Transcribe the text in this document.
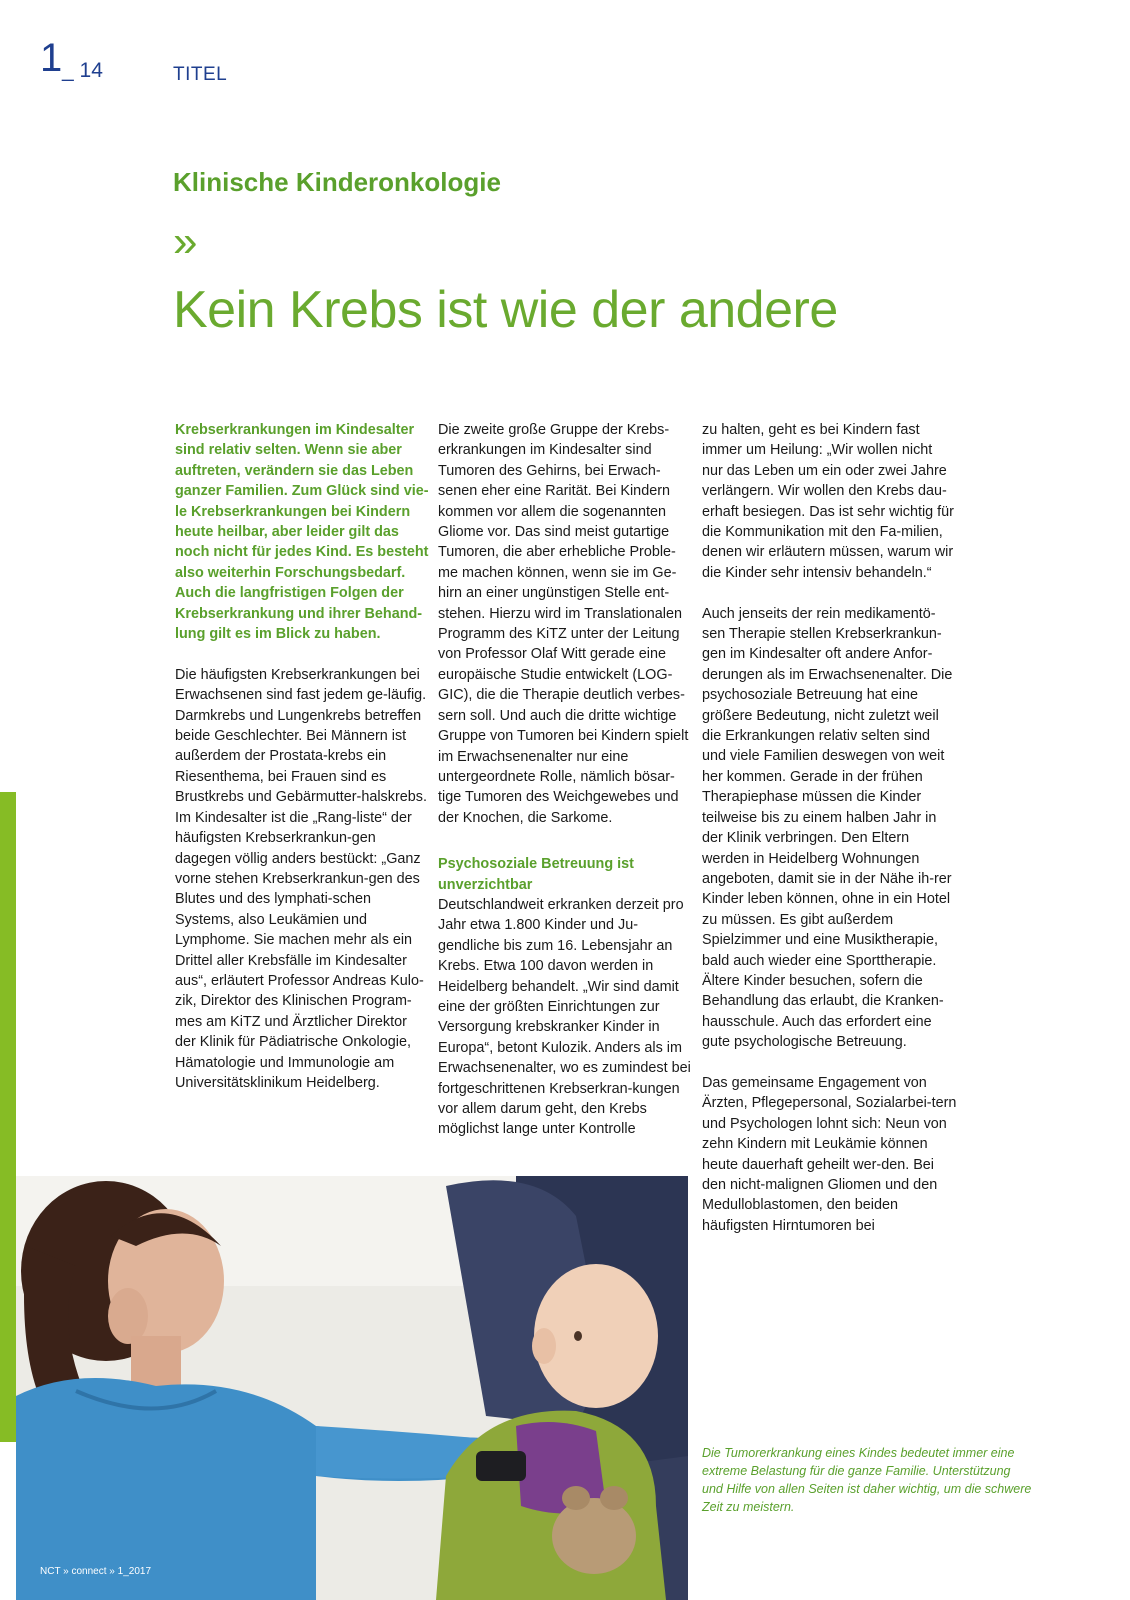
1 _ 14	TITEL
Klinische Kinderonkologie
»
Kein Krebs ist wie der andere

Krebserkrankungen im Kindesalter sind relativ selten. Wenn sie aber auftreten, verändern sie das Leben ganzer Familien. Zum Glück sind vie-le Krebserkrankungen bei Kindern heute heilbar, aber leider gilt das noch nicht für jedes Kind. Es besteht also weiterhin Forschungsbedarf. Auch die langfristigen Folgen der Krebserkrankung und ihrer Behand-lung gilt es im Blick zu haben.

Die häufigsten Krebserkrankungen bei Erwachsenen sind fast jedem ge-läufig. Darmkrebs und Lungenkrebs betreffen beide Geschlechter. Bei Männern ist außerdem der Prostata-krebs ein Riesenthema, bei Frauen sind es Brustkrebs und Gebärmutter-halskrebs. Im Kindesalter ist die „Rang-liste“ der häufigsten Krebserkrankun-gen dagegen völlig anders bestückt: „Ganz vorne stehen Krebserkrankun-gen des Blutes und des lymphati-schen Systems, also Leukämien und Lymphome. Sie machen mehr als ein Drittel aller Krebsfälle im Kindesalter aus“, erläutert Professor Andreas Kulo-zik, Direktor des Klinischen Program-mes am KiTZ und Ärztlicher Direktor der Klinik für Pädiatrische Onkologie, Hämatologie und Immunologie am Universitätsklinikum Heidelberg.

Die zweite große Gruppe der Krebs-erkrankungen im Kindesalter sind Tumoren des Gehirns, bei Erwach-senen eher eine Rarität. Bei Kindern kommen vor allem die sogenannten Gliome vor. Das sind meist gutartige Tumoren, die aber erhebliche Proble-me machen können, wenn sie im Ge-hirn an einer ungünstigen Stelle ent-stehen. Hierzu wird im Translationalen Programm des KiTZ unter der Leitung von Professor Olaf Witt gerade eine europäische Studie entwickelt (LOG-GIC), die die Therapie deutlich verbes-sern soll. Und auch die dritte wichtige Gruppe von Tumoren bei Kindern spielt im Erwachsenenalter nur eine untergeordnete Rolle, nämlich bösar-tige Tumoren des Weichgewebes und der Knochen, die Sarkome.

Psychosoziale Betreuung ist unverzichtbar

Deutschlandweit erkranken derzeit pro Jahr etwa 1.800 Kinder und Ju-gendliche bis zum 16. Lebensjahr an Krebs. Etwa 100 davon werden in Heidelberg behandelt. „Wir sind damit eine der größten Einrichtungen zur Versorgung krebskranker Kinder in Europa“, betont Kulozik. Anders als im Erwachsenenalter, wo es zumindest bei fortgeschrittenen Krebserkran-kungen vor allem darum geht, den Krebs möglichst lange unter Kontrolle

zu halten, geht es bei Kindern fast immer um Heilung: „Wir wollen nicht nur das Leben um ein oder zwei Jahre verlängern. Wir wollen den Krebs dau-erhaft besiegen. Das ist sehr wichtig für die Kommunikation mit den Fa-milien, denen wir erläutern müssen, warum wir die Kinder sehr intensiv behandeln.“

Auch jenseits der rein medikamentö-sen Therapie stellen Krebserkrankun-gen im Kindesalter oft andere Anfor-derungen als im Erwachsenenalter. Die psychosoziale Betreuung hat eine größere Bedeutung, nicht zuletzt weil die Erkrankungen relativ selten sind und viele Familien deswegen von weit her kommen. Gerade in der frühen Therapiephase müssen die Kinder teilweise bis zu einem halben Jahr in der Klinik verbringen. Den Eltern werden in Heidelberg Wohnungen angeboten, damit sie in der Nähe ih-rer Kinder leben können, ohne in ein Hotel zu müssen. Es gibt außerdem Spielzimmer und eine Musiktherapie, bald auch wieder eine Sporttherapie. Ältere Kinder besuchen, sofern die Behandlung das erlaubt, die Kranken-hausschule. Auch das erfordert eine gute psychologische Betreuung.

Das gemeinsame Engagement von Ärzten, Pflegepersonal, Sozialarbei-tern und Psychologen lohnt sich: Neun von zehn Kindern mit Leukämie können heute dauerhaft geheilt wer-den. Bei den nicht-malignen Gliomen und den Medulloblastomen, den beiden häufigsten Hirntumoren bei

Die Tumorerkrankung eines Kindes bedeutet immer eine extreme Belastung für die ganze Familie. Unterstützung und Hilfe von allen Seiten ist daher wichtig, um die schwere Zeit zu meistern.
NCT » connect » 1_2017
